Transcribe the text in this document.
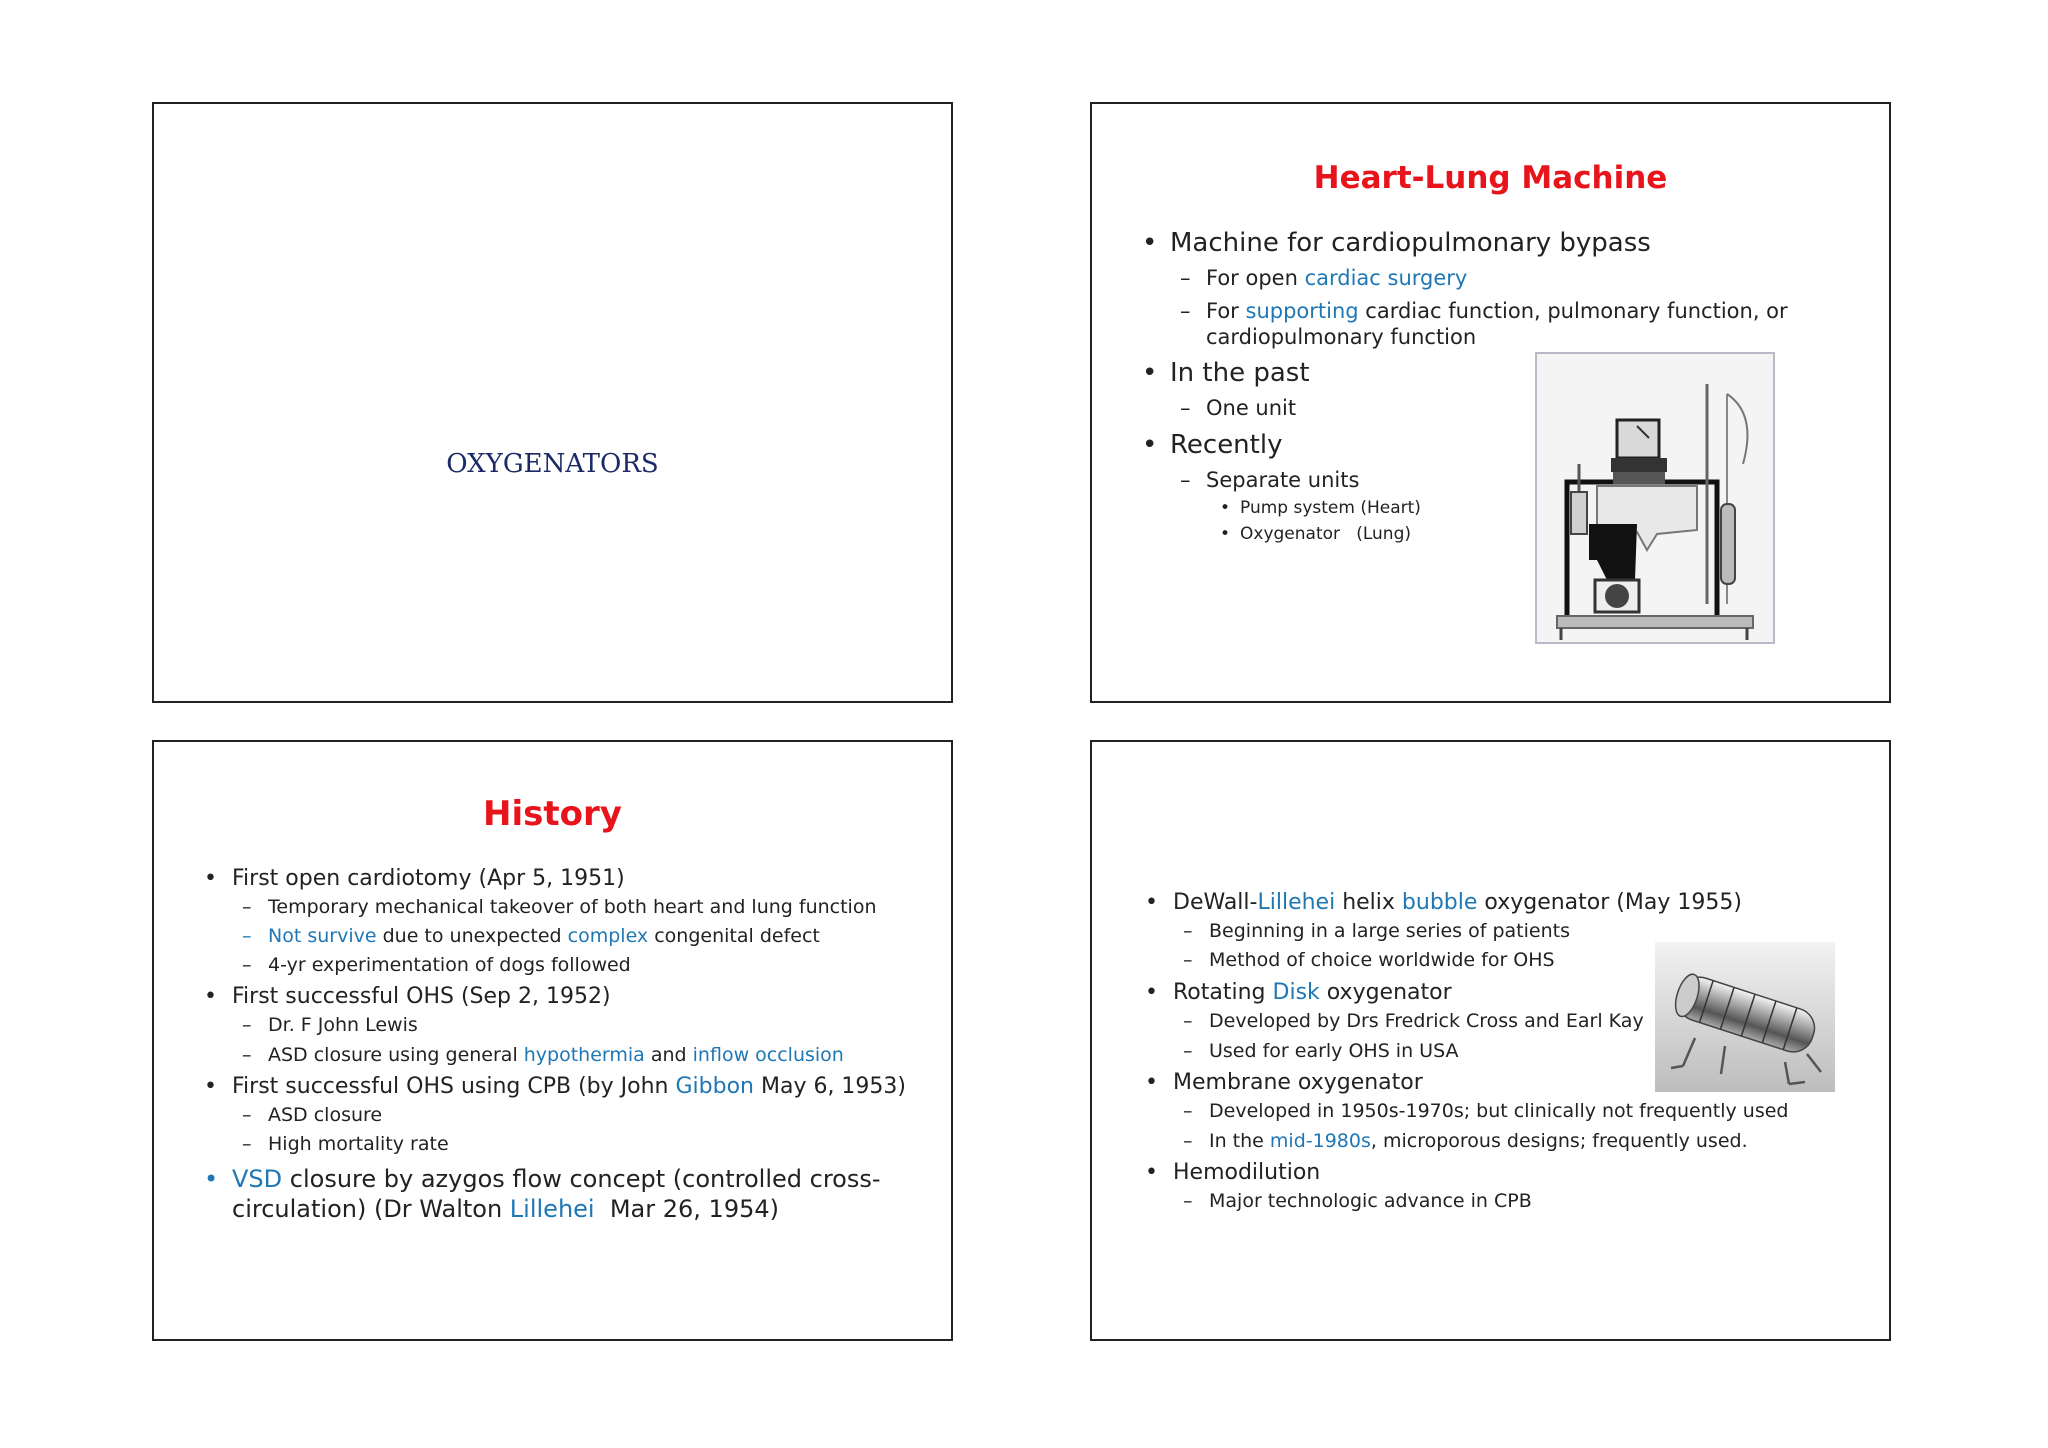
OXYGENATORS
Heart-Lung Machine
• Machine for cardiopulmonary bypass
– For open cardiac surgery
– For supporting cardiac function, pulmonary function, or
cardiopulmonary function
• In the past
– One unit
• Recently
– Separate units
• Pump system (Heart)
• Oxygenator   (Lung)
History
• First open cardiotomy (Apr 5, 1951)
– Temporary mechanical takeover of both heart and lung function
– Not survive due to unexpected complex congenital defect
– 4-yr experimentation of dogs followed
• First successful OHS (Sep 2, 1952)
– Dr. F John Lewis
– ASD closure using general hypothermia and inflow occlusion
• First successful OHS using CPB (by John Gibbon May 6, 1953)
– ASD closure
– High mortality rate
• VSD closure by azygos flow concept (controlled cross-
circulation) (Dr Walton Lillehei  Mar 26, 1954)
• DeWall-Lillehei helix bubble oxygenator (May 1955)
– Beginning in a large series of patients
– Method of choice worldwide for OHS
• Rotating Disk oxygenator
– Developed by Drs Fredrick Cross and Earl Kay
– Used for early OHS in USA
• Membrane oxygenator
– Developed in 1950s-1970s; but clinically not frequently used
– In the mid-1980s, microporous designs; frequently used.
• Hemodilution
– Major technologic advance in CPB
